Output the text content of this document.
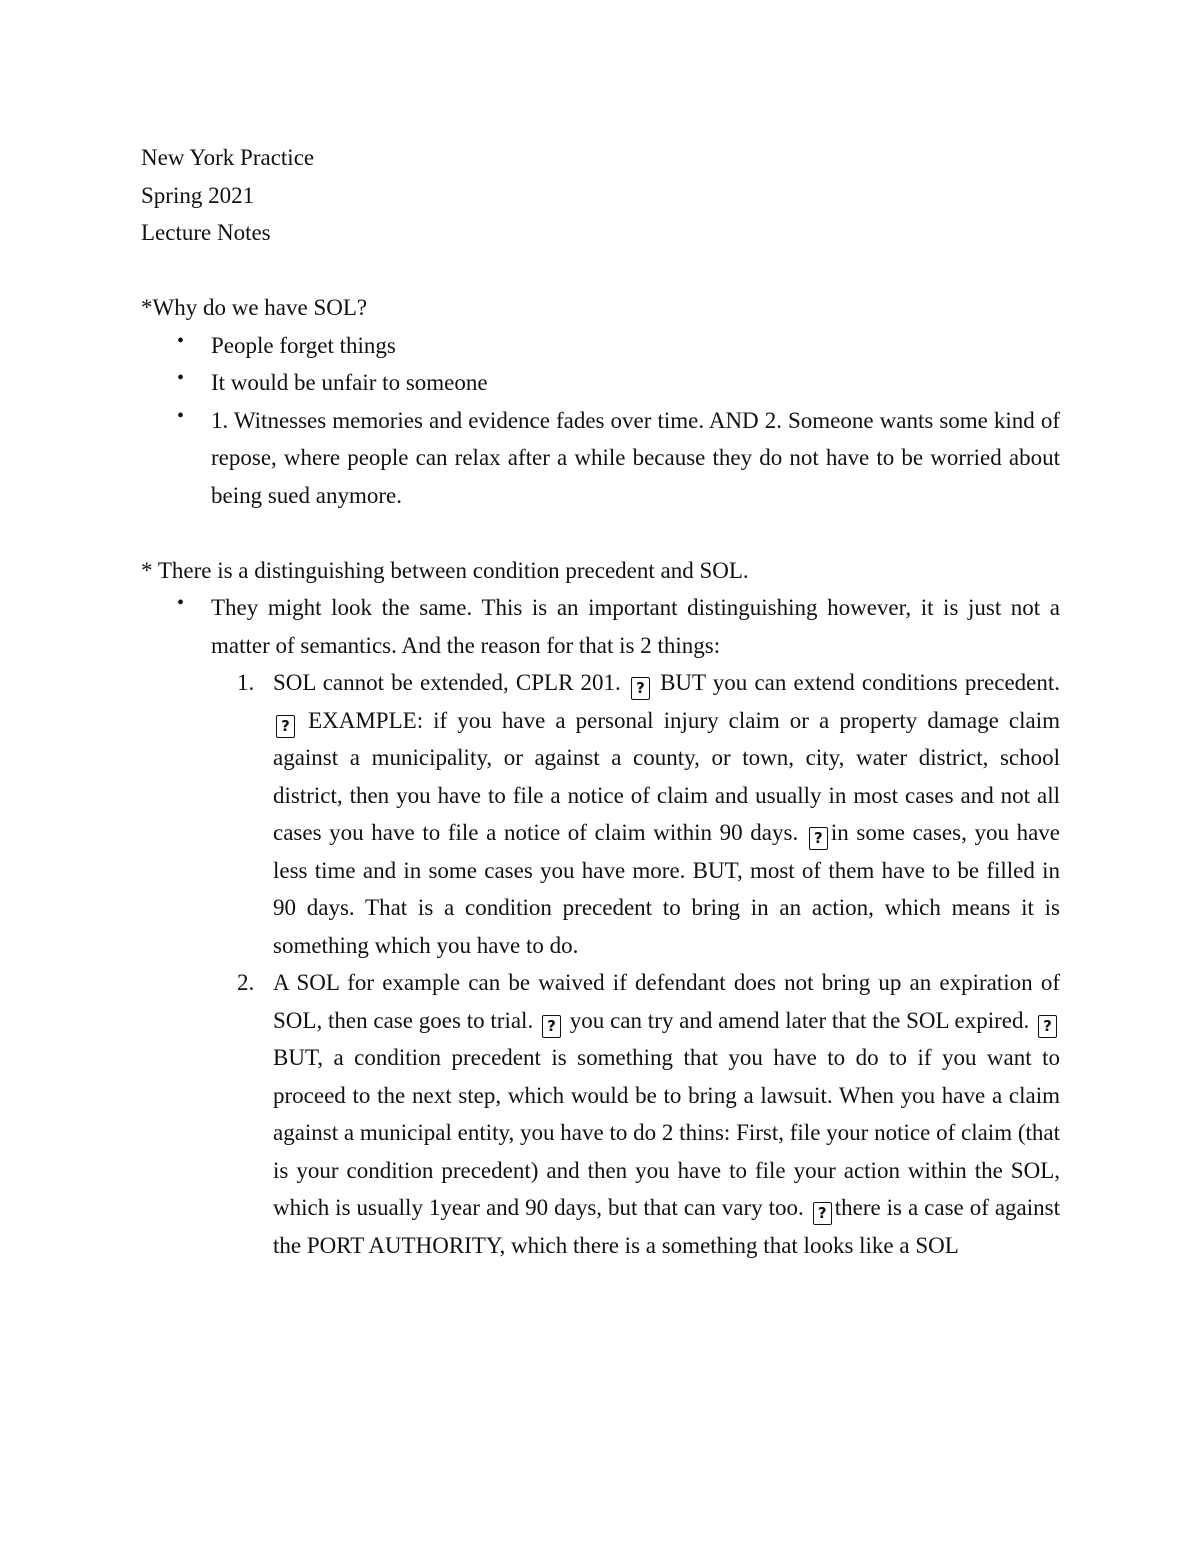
New York Practice

Spring 2021

Lecture Notes

*Why do we have SOL?

• People forget things
• It would be unfair to someone
• 1. Witnesses memories and evidence fades over time. AND 2. Someone wants some kind of repose, where people can relax after a while because they do not have to be worried about being sued anymore.

* There is a distinguishing between condition precedent and SOL.

• They might look the same. This is an important distinguishing however, it is just not a matter of semantics. And the reason for that is 2 things:
1. SOL cannot be extended, CPLR 201. ? BUT you can extend conditions precedent. ? EXAMPLE: if you have a personal injury claim or a property damage claim against a municipality, or against a county, or town, city, water district, school district, then you have to file a notice of claim and usually in most cases and not all cases you have to file a notice of claim within 90 days. ? in some cases, you have less time and in some cases you have more. BUT, most of them have to be filled in 90 days. That is a condition precedent to bring in an action, which means it is something which you have to do.
2. A SOL for example can be waived if defendant does not bring up an expiration of SOL, then case goes to trial. ? you can try and amend later that the SOL expired. ? BUT, a condition precedent is something that you have to do to if you want to proceed to the next step, which would be to bring a lawsuit. When you have a claim against a municipal entity, you have to do 2 thins: First, file your notice of claim (that is your condition precedent) and then you have to file your action within the SOL, which is usually 1year and 90 days, but that can vary too. ? there is a case of against the PORT AUTHORITY, which there is a something that looks like a SOL
